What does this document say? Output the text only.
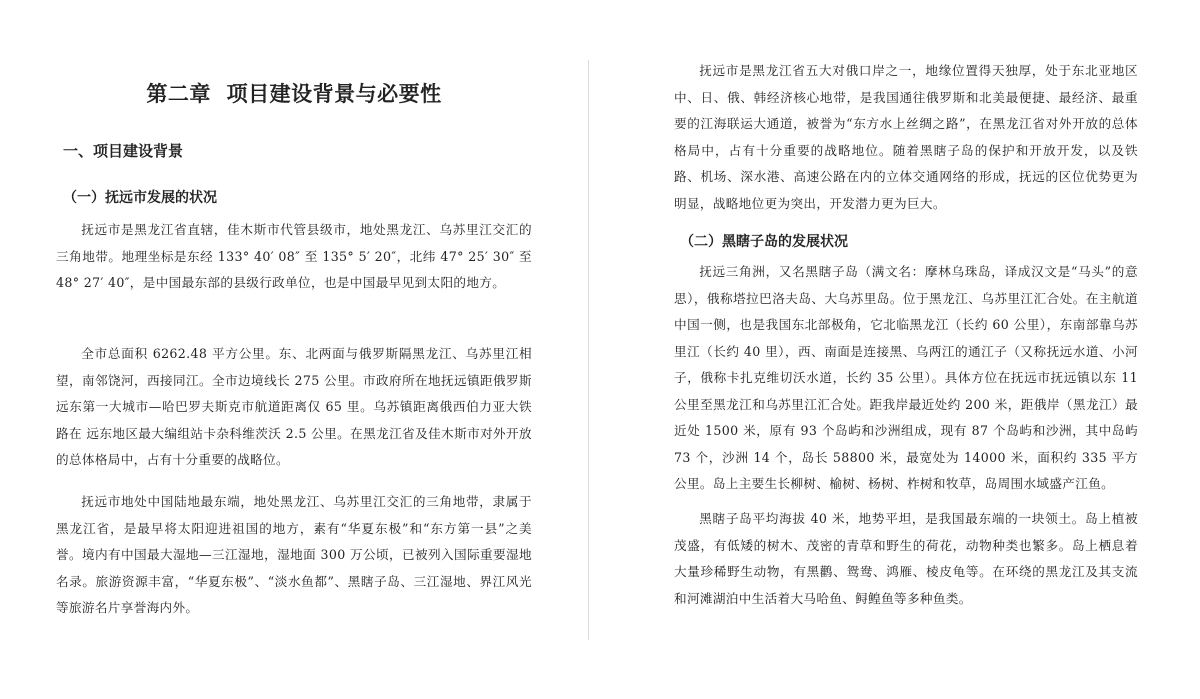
第二章 项目建设背景与必要性
一、项目建设背景
（一）抚远市发展的状况

抚远市是黑龙江省直辖，佳木斯市代管县级市，地处黑龙江、乌苏里江交汇的三角地带。地理坐标是东经 133° 40′ 08″ 至 135° 5′ 20″，北纬 47° 25′ 30″ 至 48° 27′ 40″，是中国最东部的县级行政单位，也是中国最早见到太阳的地方。

全市总面积 6262.48 平方公里。东、北两面与俄罗斯隔黑龙江、乌苏里江相望，南邻饶河，西接同江。全市边境线长 275 公里。市政府所在地抚远镇距俄罗斯远东第一大城市—哈巴罗夫斯克市航道距离仅 65 里。乌苏镇距离俄西伯力亚大铁路在 远东地区最大编组站卡杂科维茨沃 2.5 公里。在黑龙江省及佳木斯市对外开放的总体格局中，占有十分重要的战略位。

抚远市地处中国陆地最东端，地处黑龙江、乌苏里江交汇的三角地带，隶属于黑龙江省，是最早将太阳迎进祖国的地方，素有“华夏东极”和“东方第一县”之美誉。境内有中国最大湿地—三江湿地，湿地面 300 万公顷，已被列入国际重要湿地名录。旅游资源丰富，“华夏东极”、“淡水鱼都”、黑瞎子岛、三江湿地、界江风光等旅游名片享誉海内外。

抚远市是黑龙江省五大对俄口岸之一，地缘位置得天独厚，处于东北亚地区中、日、俄、韩经济核心地带，是我国通往俄罗斯和北美最便捷、最经济、最重要的江海联运大通道，被誉为“东方水上丝绸之路”，在黑龙江省对外开放的总体格局中，占有十分重要的战略地位。随着黑瞎子岛的保护和开放开发，以及铁路、机场、深水港、高速公路在内的立体交通网络的形成，抚远的区位优势更为明显，战略地位更为突出，开发潜力更为巨大。

（二）黑瞎子岛的发展状况

抚远三角洲，又名黑瞎子岛（满文名：摩林乌珠岛，译成汉文是“马头”的意思），俄称塔拉巴洛夫岛、大乌苏里岛。位于黑龙江、乌苏里江汇合处。在主航道中国一侧，也是我国东北部极角，它北临黑龙江（长约 60 公里），东南部靠乌苏里江（长约 40 里），西、南面是连接黑、乌两江的通江子（又称抚远水道、小河子，俄称卡扎克维切沃水道，长约 35 公里）。具体方位在抚远市抚远镇以东 11 公里至黑龙江和乌苏里江汇合处。距我岸最近处约 200 米，距俄岸（黑龙江）最近处 1500 米，原有 93 个岛屿和沙洲组成，现有 87 个岛屿和沙洲，其中岛屿 73 个，沙洲 14 个，岛长 58800 米，最宽处为 14000 米，面积约 335 平方公里。岛上主要生长柳树、榆树、杨树、柞树和牧草，岛周围水域盛产江鱼。

黑瞎子岛平均海拔 40 米，地势平坦，是我国最东端的一块领土。岛上植被茂盛，有低矮的树木、茂密的青草和野生的荷花，动物种类也繁多。岛上栖息着大量珍稀野生动物，有黑鹳、鸳鸯、鸿雁、棱皮龟等。在环绕的黑龙江及其支流和河滩湖泊中生活着大马哈鱼、鲟鳇鱼等多种鱼类。
